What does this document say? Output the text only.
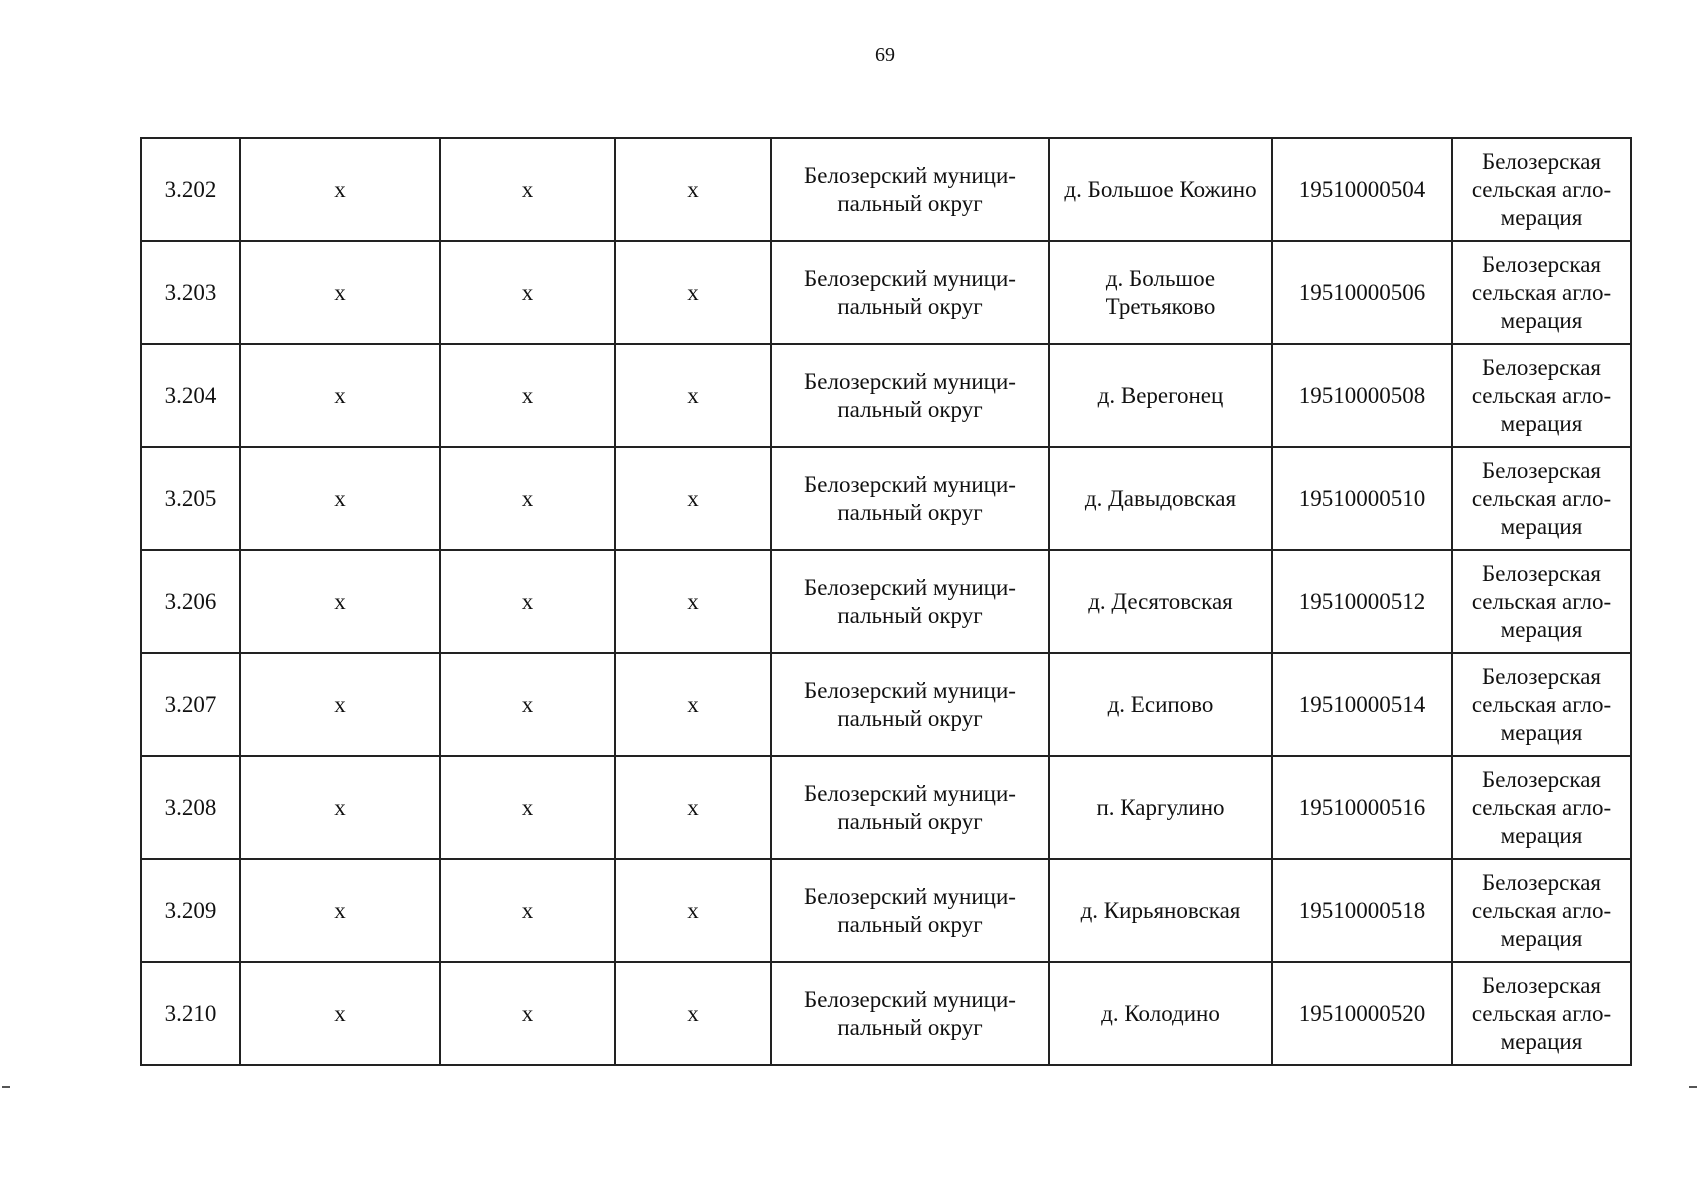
69
3.202	х	х	х	Белозерский муници-
пальный округ	д. Большое Кожино	19510000504	Белозерская
сельская агло-
мерация
3.203	х	х	х	Белозерский муници-
пальный округ	д. Большое
Третьяково	19510000506	Белозерская
сельская агло-
мерация
3.204	х	х	х	Белозерский муници-
пальный округ	д. Верегонец	19510000508	Белозерская
сельская агло-
мерация
3.205	х	х	х	Белозерский муници-
пальный округ	д. Давыдовская	19510000510	Белозерская
сельская агло-
мерация
3.206	х	х	х	Белозерский муници-
пальный округ	д. Десятовская	19510000512	Белозерская
сельская агло-
мерация
3.207	х	х	х	Белозерский муници-
пальный округ	д. Есипово	19510000514	Белозерская
сельская агло-
мерация
3.208	х	х	х	Белозерский муници-
пальный округ	п. Каргулино	19510000516	Белозерская
сельская агло-
мерация
3.209	х	х	х	Белозерский муници-
пальный округ	д. Кирьяновская	19510000518	Белозерская
сельская агло-
мерация
3.210	х	х	х	Белозерский муници-
пальный округ	д. Колодино	19510000520	Белозерская
сельская агло-
мерация
